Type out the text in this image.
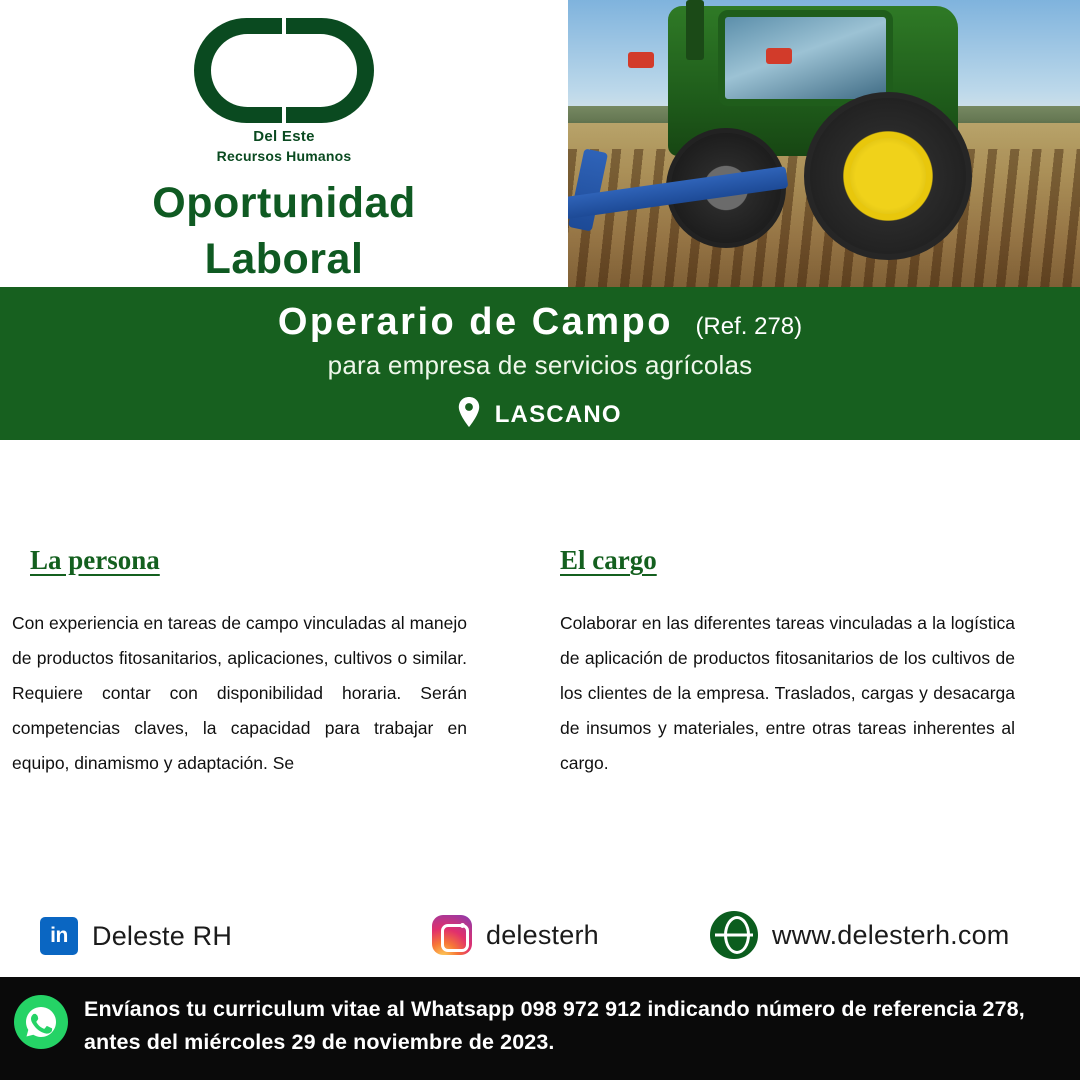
Del Este
Recursos Humanos
Oportunidad
Laboral
Operario de Campo (Ref. 278)
para empresa de servicios agrícolas
LASCANO
La persona
Con experiencia en tareas de campo vinculadas al manejo de productos fitosanitarios, aplicaciones, cultivos o similar. Requiere contar con disponibilidad horaria. Serán competencias claves, la capacidad para trabajar en equipo, dinamismo y adaptación. Se
El cargo
Colaborar en las diferentes tareas vinculadas a la logística de aplicación de productos fitosanitarios de los cultivos de los clientes de la empresa. Traslados, cargas y desacarga de insumos y materiales, entre otras tareas inherentes al cargo.
in Deleste RH	delesterh	www.delesterh.com
Envíanos tu curriculum vitae al Whatsapp 098 972 912 indicando número de referencia 278, antes del miércoles 29 de noviembre de 2023.
